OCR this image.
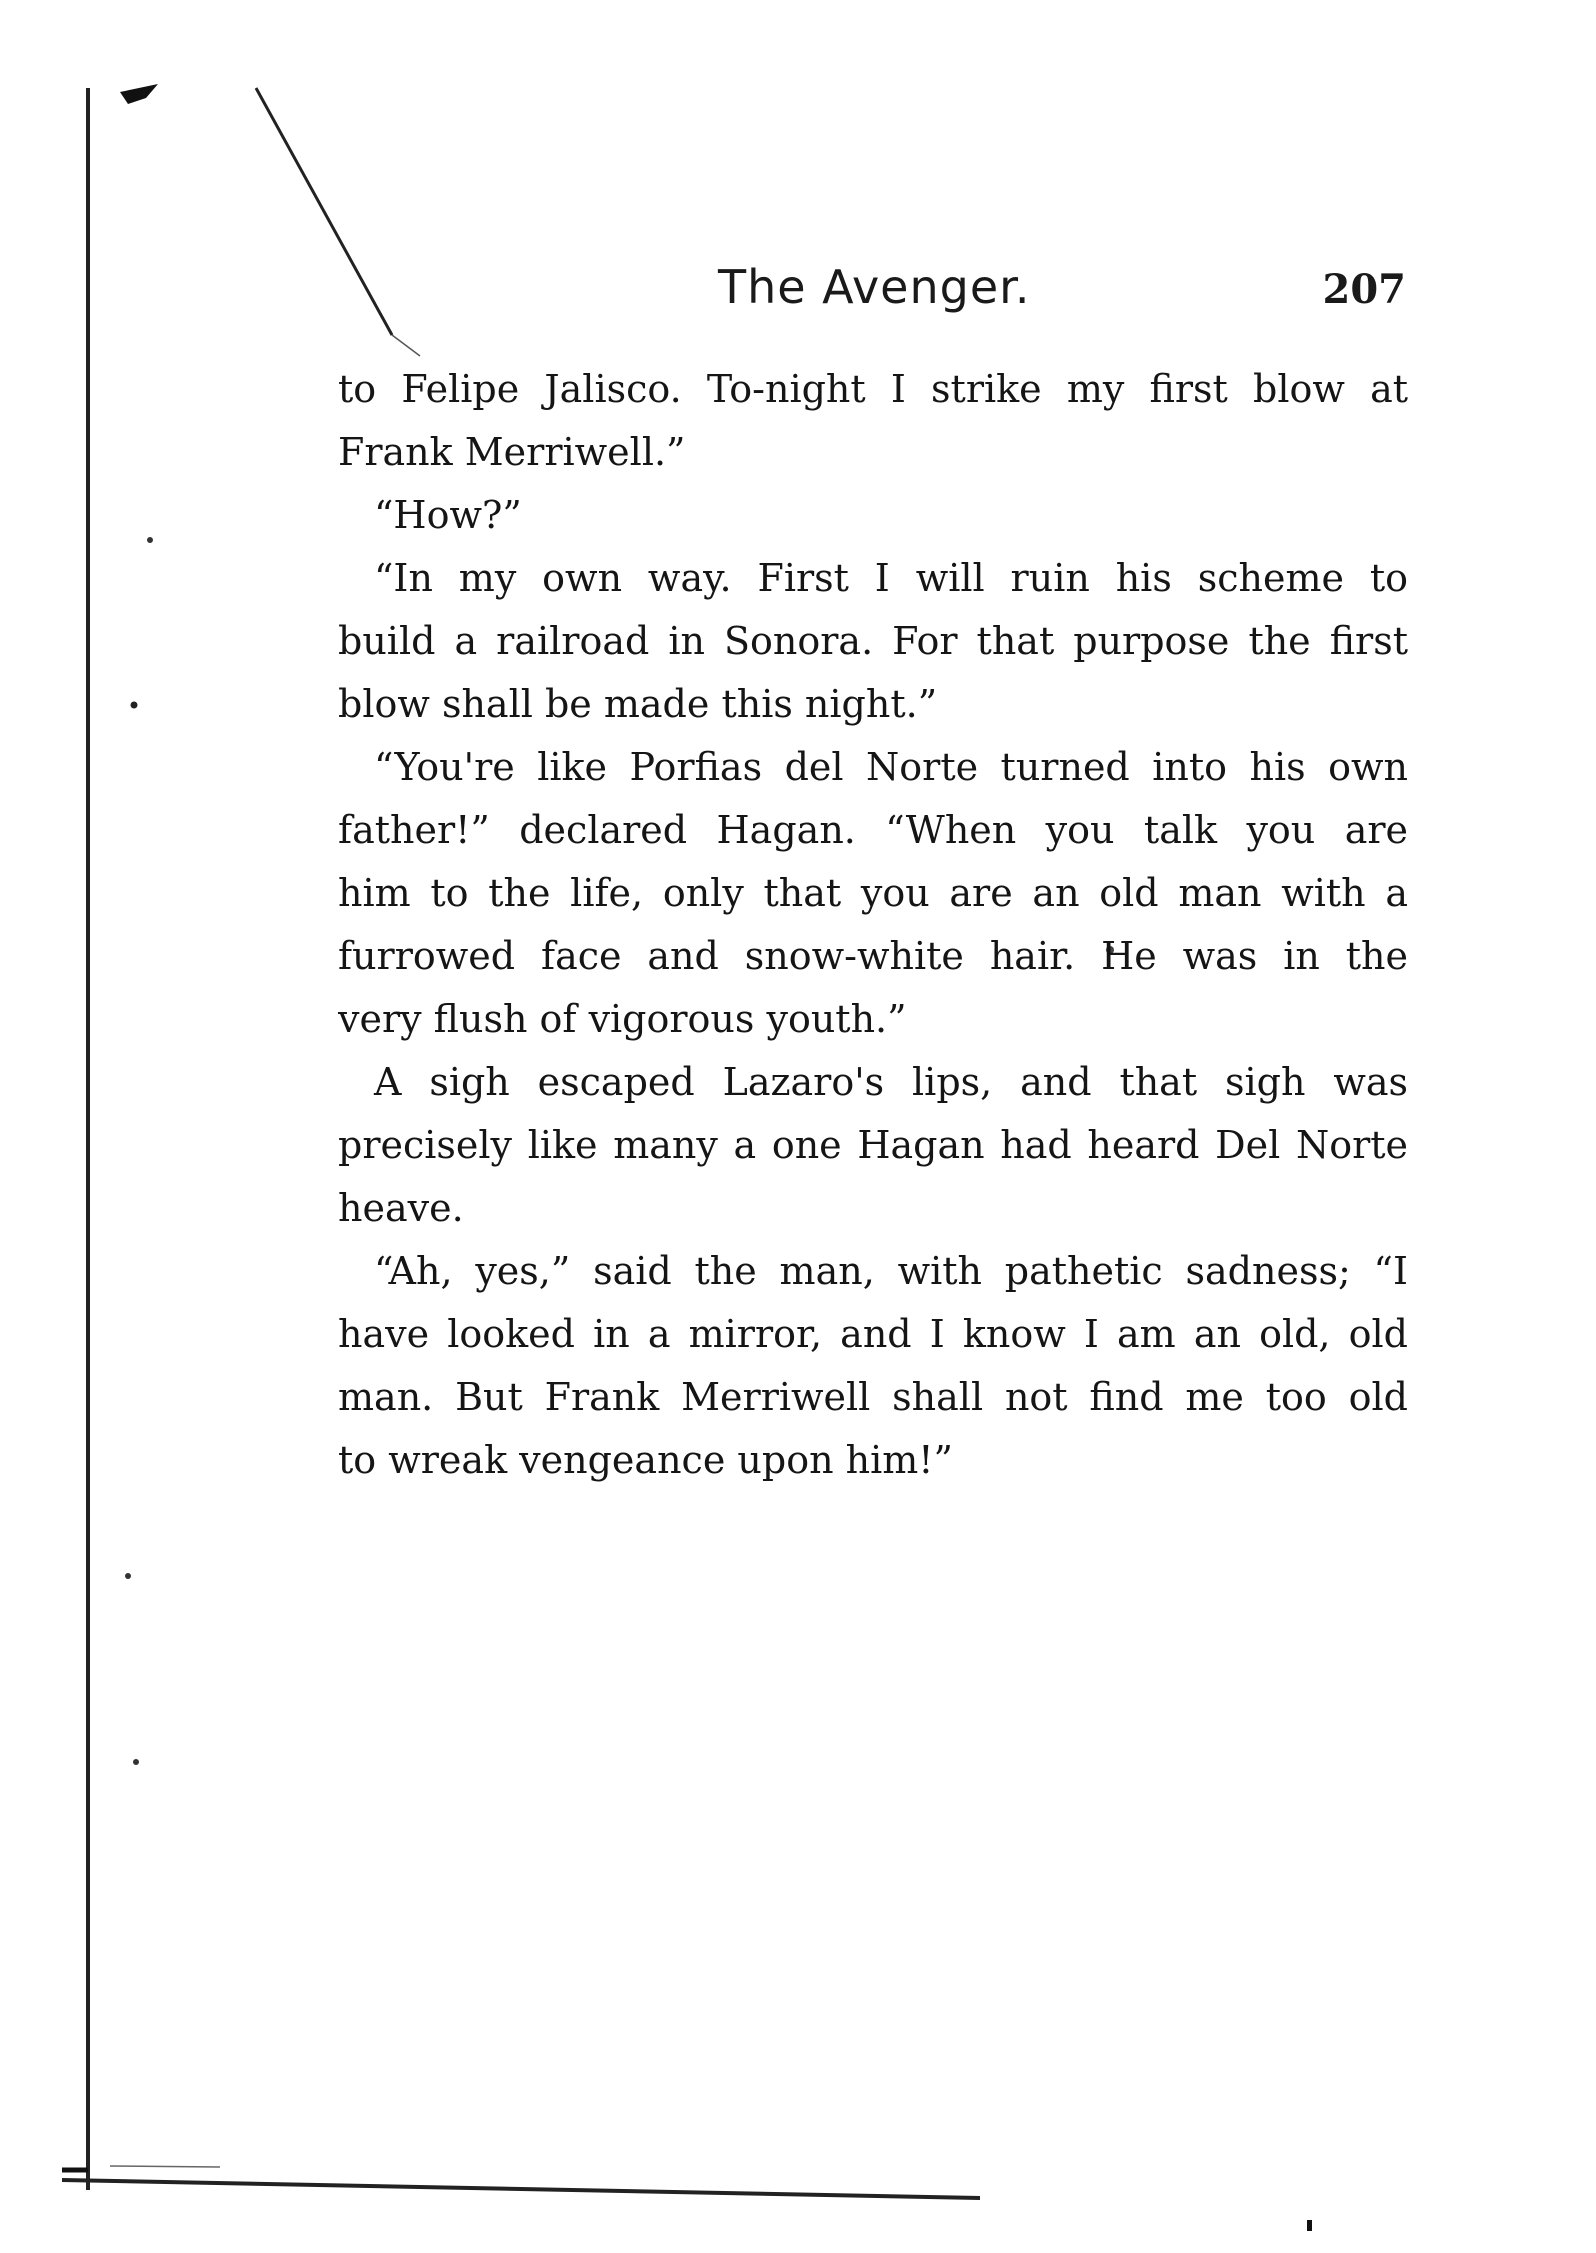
The Avenger.	207
to Felipe Jalisco. To-night I strike my first blow at
Frank Merriwell.”
“How?”
“In my own way. First I will ruin his scheme to
build a railroad in Sonora. For that purpose the first
blow shall be made this night.”
“You're like Porfias del Norte turned into his own
father!” declared Hagan. “When you talk you are
him to the life, only that you are an old man with a
furrowed face and snow-white hair. He was in the
very flush of vigorous youth.”
A sigh escaped Lazaro's lips, and that sigh was
precisely like many a one Hagan had heard Del Norte
heave.
“Ah, yes,” said the man, with pathetic sadness; “I
have looked in a mirror, and I know I am an old, old
man. But Frank Merriwell shall not find me too old
to wreak vengeance upon him!”
